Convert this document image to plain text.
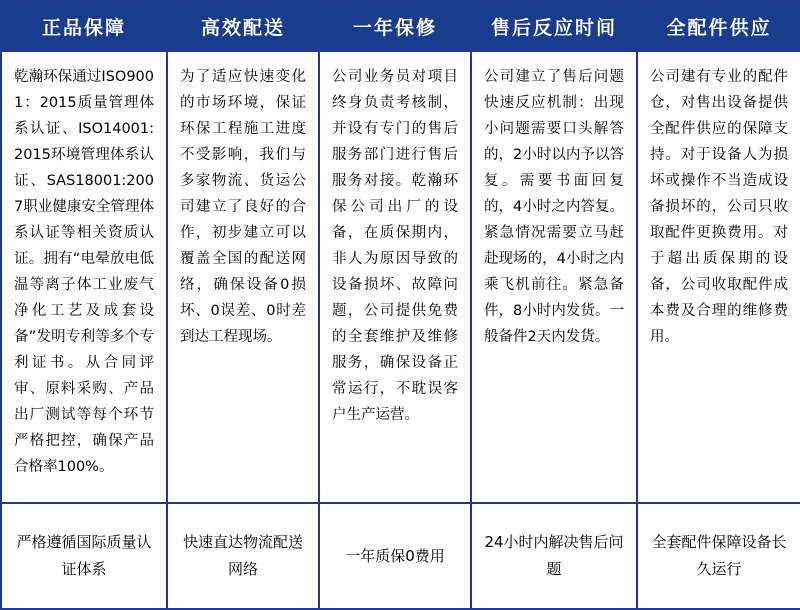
正品保障	高效配送	一年保修	售后反应时间	全配件供应

乾瀚环保通过ISO9001：2015质量管理体系认证、ISO14001:2015环境管理体系认证、SAS18001:2007职业健康安全管理体系认证等相关资质认证。拥有“电晕放电低温等离子体工业废气净化工艺及成套设备”发明专利等多个专利证书。从合同评审、原料采购、产品出厂测试等每个环节严格把控，确保产品合格率100%。	为了适应快速变化的市场环境，保证环保工程施工进度不受影响，我们与多家物流、货运公司建立了良好的合作，初步建立可以覆盖全国的配送网络，确保设备0损坏、0误差、0时差到达工程现场。	公司业务员对项目终身负责考核制，并设有专门的售后服务部门进行售后服务对接。乾瀚环保公司出厂的设备，在质保期内，非人为原因导致的设备损坏、故障问题，公司提供免费的全套维护及维修服务，确保设备正常运行，不耽误客户生产运营。	公司建立了售后问题快速反应机制：出现小问题需要口头解答的，2小时以内予以答复。需要书面回复的，4小时之内答复。紧急情况需要立马赶赴现场的，4小时之内乘飞机前往。紧急备件，8小时内发货。一般备件2天内发货。	公司建有专业的配件仓，对售出设备提供全配件供应的保障支持。对于设备人为损坏或操作不当造成设备损坏的，公司只收取配件更换费用。对于超出质保期的设备，公司收取配件成本费及合理的维修费用。

严格遵循国际质量认证体系	快速直达物流配送网络	一年质保0费用	24小时内解决售后问题	全套配件保障设备长久运行
